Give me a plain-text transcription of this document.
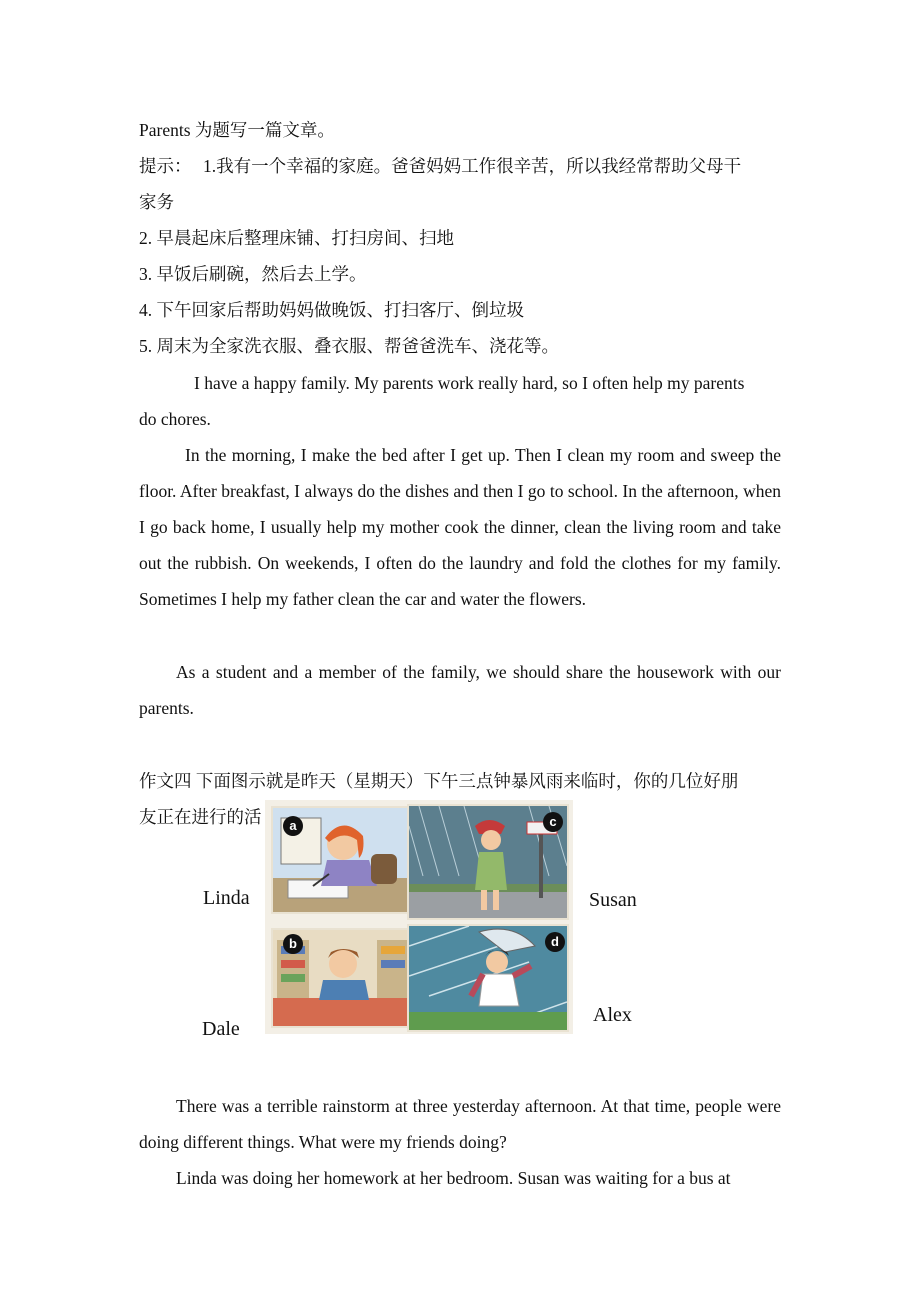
Parents 为题写一篇文章。
提示： 1.我有一个幸福的家庭。爸爸妈妈工作很辛苦，所以我经常帮助父母干
家务
2. 早晨起床后整理床铺、打扫房间、扫地
3. 早饭后刷碗，然后去上学。
4. 下午回家后帮助妈妈做晚饭、打扫客厅、倒垃圾
5. 周末为全家洗衣服、叠衣服、帮爸爸洗车、浇花等。
I have a happy family. My parents work really hard, so I often help my parents
do chores.
In the morning, I make the bed after I get up. Then I clean my room and sweep the floor. After breakfast, I always do the dishes and then I go to school. In the afternoon, when I go back home, I usually help my mother cook the dinner, clean the living room and take out the rubbish. On weekends, I often do the laundry and fold the clothes for my family. Sometimes I help my father clean the car and water the flowers.
As a student and a member of the family, we should share the housework with our parents.
作文四 下面图示就是昨天（星期天）下午三点钟暴风雨来临时，你的几位好朋
友正在进行的活	a	c
b	d
Linda	Susan
Dale
Alex
There was a terrible rainstorm at three yesterday afternoon. At that time, people were doing different things. What were my friends doing?
Linda was doing her homework at her bedroom. Susan was waiting for a bus at
